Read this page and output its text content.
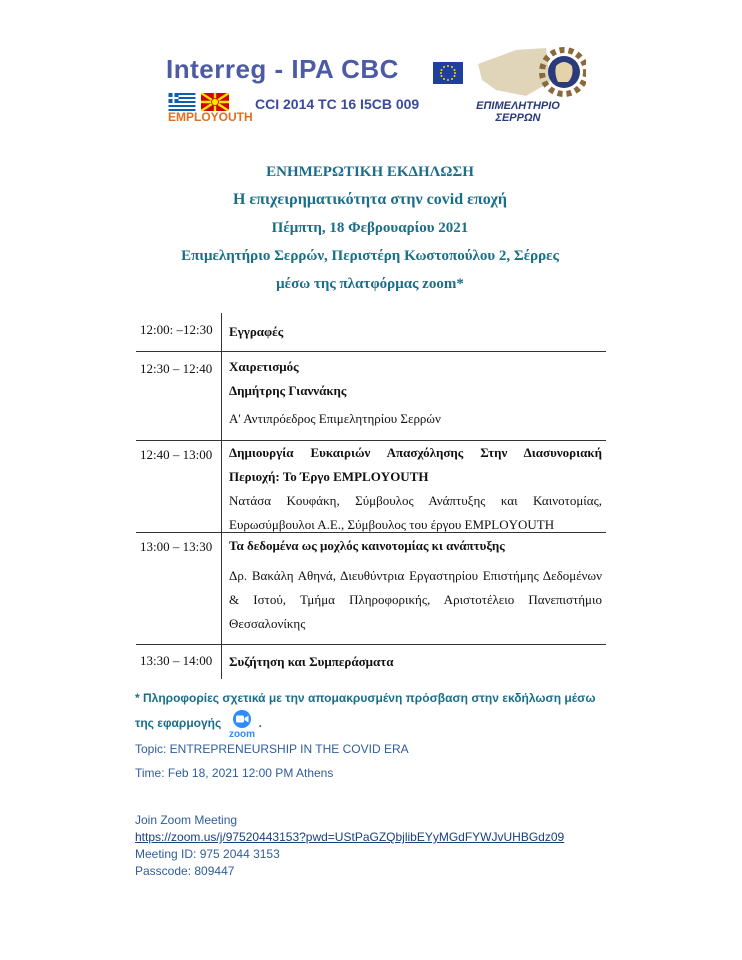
Interreg - IPA CBC
EMPLOYOUTH
CCI 2014 TC 16 I5CB 009	ΕΠΙΜΕΛΗΤΗΡΙΟ ΣΕΡΡΩΝ
ΕΝΗΜΕΡΩΤΙΚΗ ΕΚΔΗΛΩΣΗ
Η επιχειρηματικότητα στην covid εποχή
Πέμπτη, 18 Φεβρουαρίου 2021
Επιμελητήριο Σερρών, Περιστέρη Κωστοπούλου 2, Σέρρες
μέσω της πλατφόρμας zoom*
12:00: –12:30	Εγγραφές
12:30 – 12:40	Χαιρετισμός
Δημήτρης Γιαννάκης
Α' Αντιπρόεδρος Επιμελητηρίου Σερρών
12:40 – 13:00	Δημιουργία Ευκαιριών Απασχόλησης Στην Διασυνοριακή
Περιοχή: Το Έργο EMPLOYOUTH
Νατάσα Κουφάκη, Σύμβουλος Ανάπτυξης και Καινοτομίας,
Ευρωσύμβουλοι Α.Ε., Σύμβουλος του έργου EMPLOYOUTH
13:00 – 13:30	Τα δεδομένα ως μοχλός καινοτομίας κι ανάπτυξης
Δρ. Βακάλη Αθηνά, Διευθύντρια Εργαστηρίου Επιστήμης Δεδομένων
& Ιστού, Τμήμα Πληροφορικής, Αριστοτέλειο Πανεπιστήμιο
Θεσσαλονίκης
13:30 – 14:00	Συζήτηση και Συμπεράσματα
* Πληροφορίες σχετικά με την απομακρυσμένη πρόσβαση στην εκδήλωση μέσω
της εφαρμογής
zoom
.
Topic: ENTREPRENEURSHIP IN THE COVID ERA
Time: Feb 18, 2021 12:00 PM Athens
Join Zoom Meeting
https://zoom.us/j/97520443153?pwd=UStPaGZQbjlibEYyMGdFYWJvUHBGdz09
Meeting ID: 975 2044 3153
Passcode: 809447
